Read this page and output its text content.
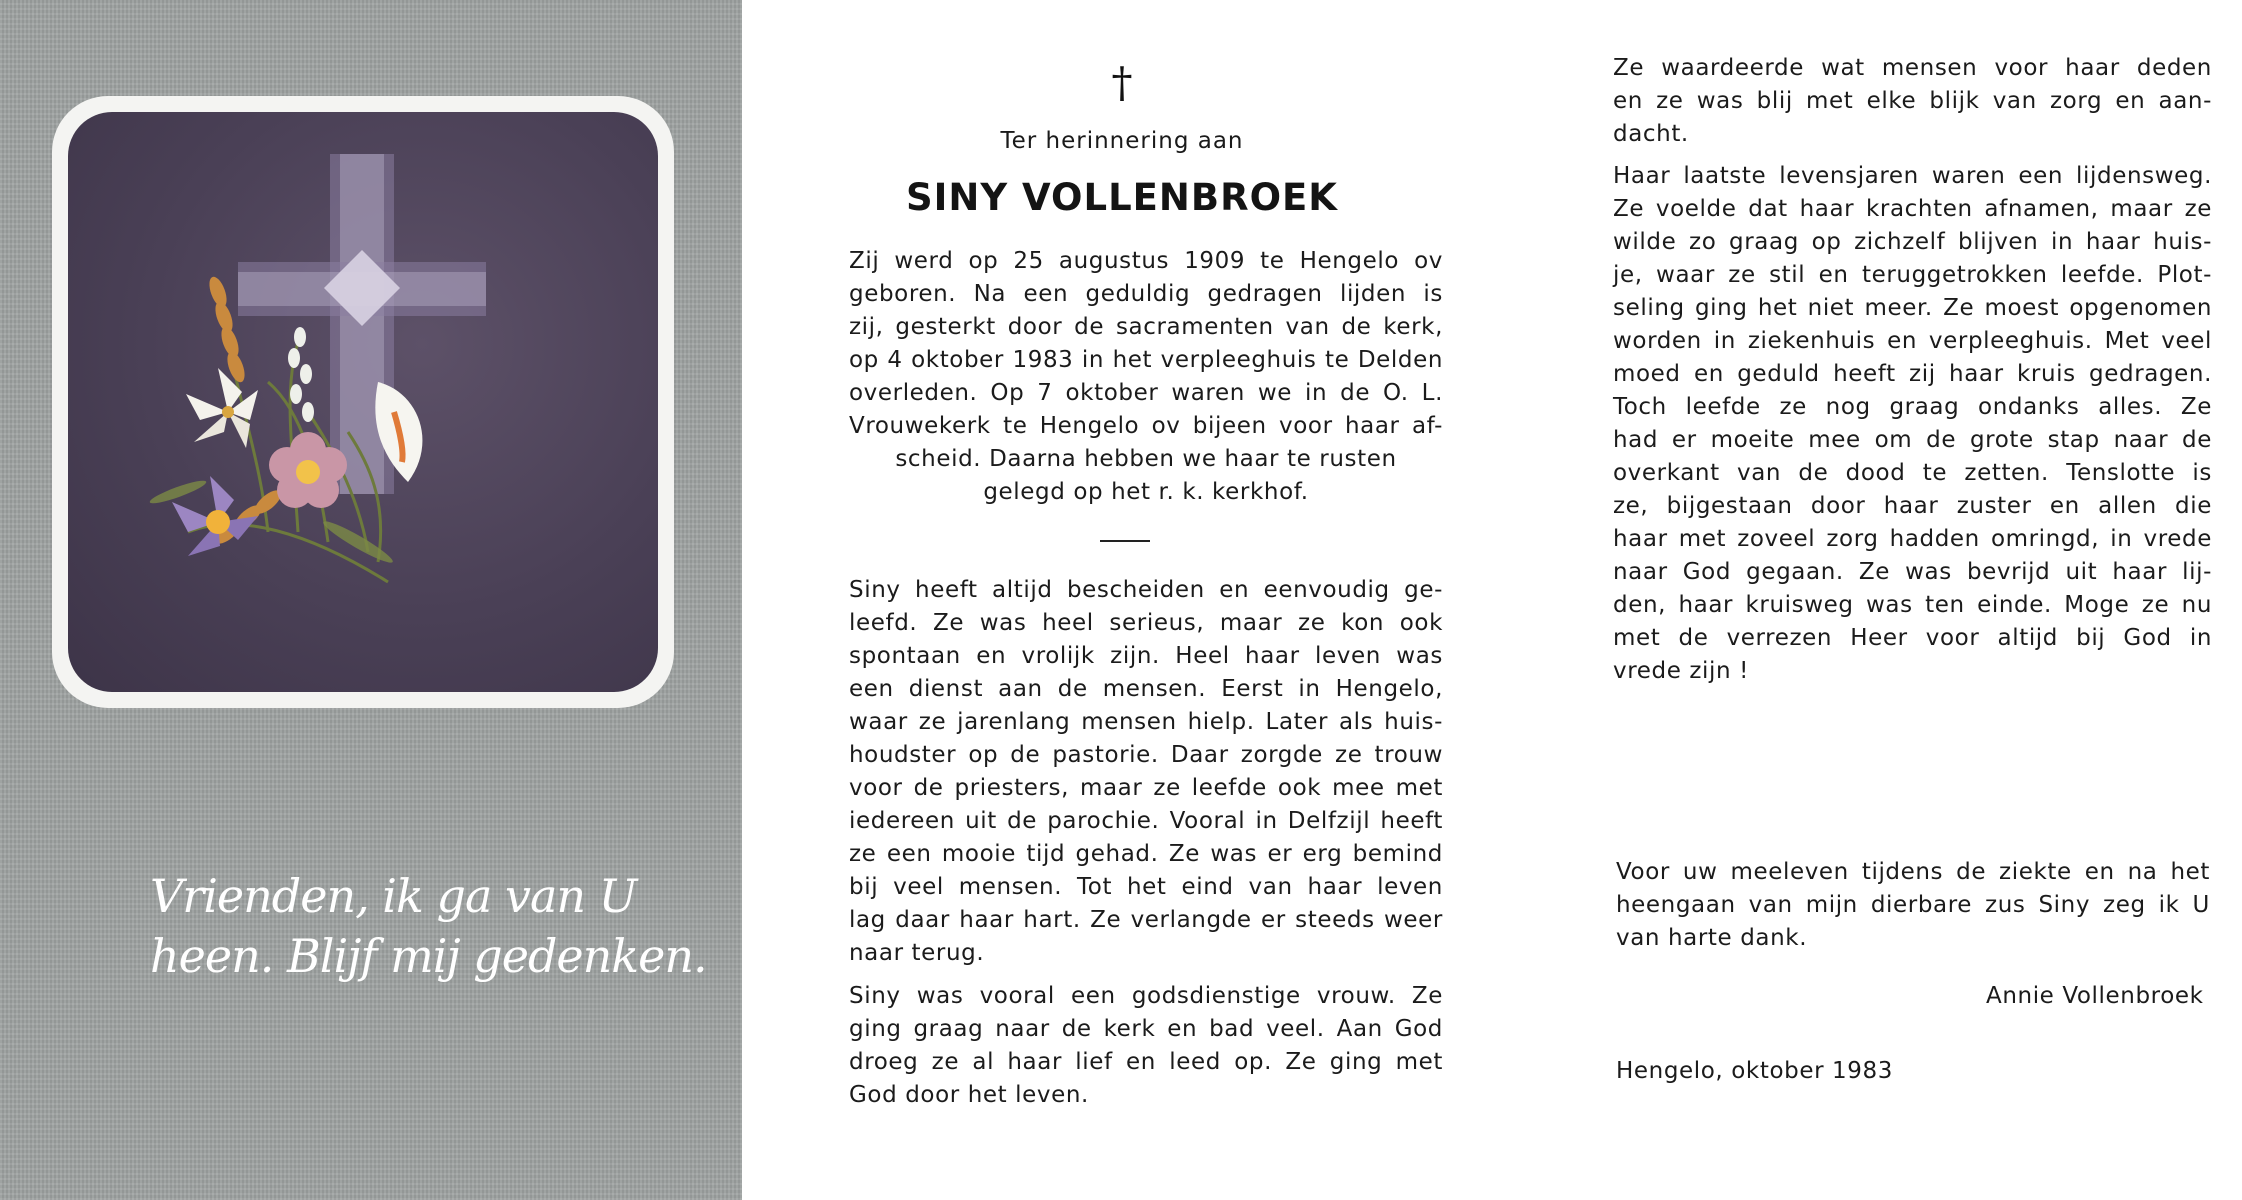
Vrienden, ik ga van U
heen. Blijf mij gedenken.
†
Ter herinnering aan
SINY VOLLENBROEK
Zij werd op 25 augustus 1909 te Hengelo ov
geboren. Na een geduldig gedragen lijden is
zij, gesterkt door de sacramenten van de kerk,
op 4 oktober 1983 in het verpleeghuis te Delden
overleden. Op 7 oktober waren we in de O. L.
Vrouwekerk te Hengelo ov bijeen voor haar af-
scheid. Daarna hebben we haar te rusten
gelegd op het r. k. kerkhof.
Siny heeft altijd bescheiden en eenvoudig ge-
leefd. Ze was heel serieus, maar ze kon ook
spontaan en vrolijk zijn. Heel haar leven was
een dienst aan de mensen. Eerst in Hengelo,
waar ze jarenlang mensen hielp. Later als huis-
houdster op de pastorie. Daar zorgde ze trouw
voor de priesters, maar ze leefde ook mee met
iedereen uit de parochie. Vooral in Delfzijl heeft
ze een mooie tijd gehad. Ze was er erg bemind
bij veel mensen. Tot het eind van haar leven
lag daar haar hart. Ze verlangde er steeds weer
naar terug.
Siny was vooral een godsdienstige vrouw. Ze
ging graag naar de kerk en bad veel. Aan God
droeg ze al haar lief en leed op. Ze ging met
God door het leven.
Ze waardeerde wat mensen voor haar deden
en ze was blij met elke blijk van zorg en aan-
dacht.
Haar laatste levensjaren waren een lijdensweg.
Ze voelde dat haar krachten afnamen, maar ze
wilde zo graag op zichzelf blijven in haar huis-
je, waar ze stil en teruggetrokken leefde. Plot-
seling ging het niet meer. Ze moest opgenomen
worden in ziekenhuis en verpleeghuis. Met veel
moed en geduld heeft zij haar kruis gedragen.
Toch leefde ze nog graag ondanks alles. Ze
had er moeite mee om de grote stap naar de
overkant van de dood te zetten. Tenslotte is
ze, bijgestaan door haar zuster en allen die
haar met zoveel zorg hadden omringd, in vrede
naar God gegaan. Ze was bevrijd uit haar lij-
den, haar kruisweg was ten einde. Moge ze nu
met de verrezen Heer voor altijd bij God in
vrede zijn !
Voor uw meeleven tijdens de ziekte en na het
heengaan van mijn dierbare zus Siny zeg ik U
van harte dank.
Annie Vollenbroek
Hengelo, oktober 1983
